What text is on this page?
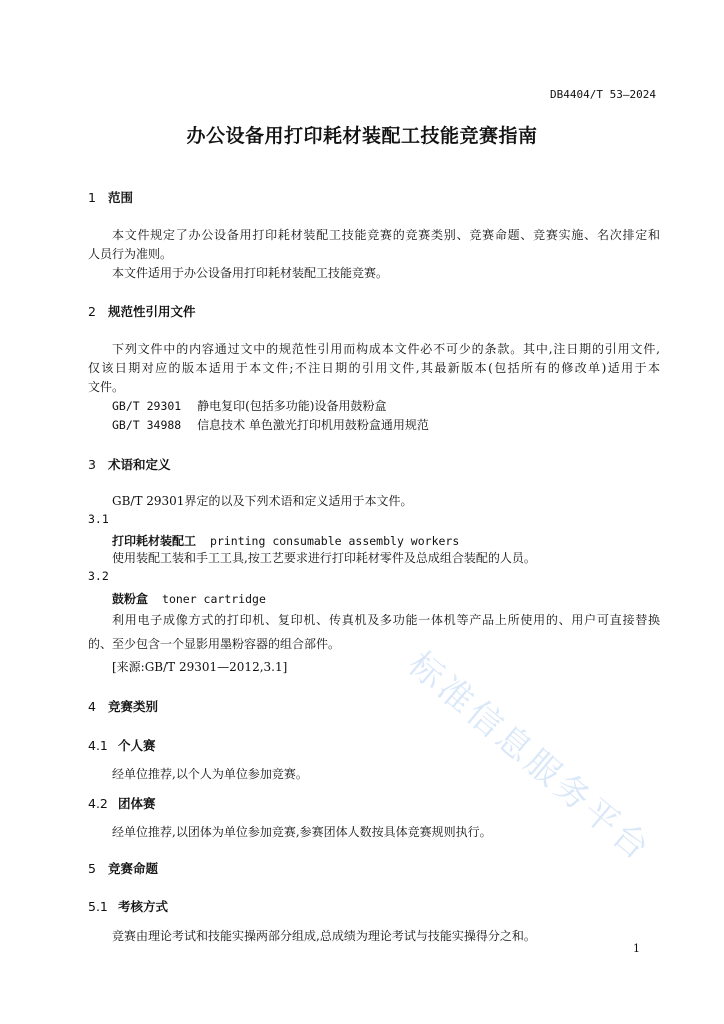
DB4404/T 53—2024
办公设备用打印耗材装配工技能竞赛指南
1 范围
本文件规定了办公设备用打印耗材装配工技能竞赛的竞赛类别、竞赛命题、竞赛实施、名次排定和
人员行为准则。
本文件适用于办公设备用打印耗材装配工技能竞赛。
2 规范性引用文件
下列文件中的内容通过文中的规范性引用而构成本文件必不可少的条款。其中,注日期的引用文件,
仅该日期对应的版本适用于本文件;不注日期的引用文件,其最新版本(包括所有的修改单)适用于本
文件。
GB/T 29301 静电复印(包括多功能)设备用鼓粉盒
GB/T 34988 信息技术 单色激光打印机用鼓粉盒通用规范
3 术语和定义
GB/T 29301界定的以及下列术语和定义适用于本文件。
3.1
打印耗材装配工 printing consumable assembly workers
使用装配工装和手工工具,按工艺要求进行打印耗材零件及总成组合装配的人员。
3.2
鼓粉盒 toner cartridge
利用电子成像方式的打印机、复印机、传真机及多功能一体机等产品上所使用的、用户可直接替换
的、至少包含一个显影用墨粉容器的组合部件。
[来源:GB/T 29301—2012,3.1]
4 竞赛类别
4.1 个人赛
经单位推荐,以个人为单位参加竞赛。
4.2 团体赛
经单位推荐,以团体为单位参加竞赛,参赛团体人数按具体竞赛规则执行。
5 竞赛命题
5.1 考核方式
竞赛由理论考试和技能实操两部分组成,总成绩为理论考试与技能实操得分之和。
1
标准信息服务平台
